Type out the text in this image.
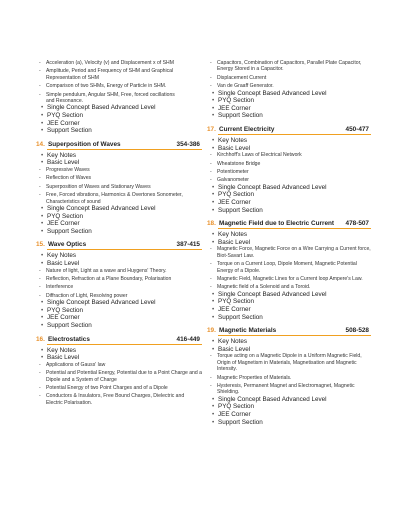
- Acceleration (a), Velocity (v) and Displacement x of SHM
- Amplitude, Period and Frequency of SHM and Graphical Representation of SHM
- Comparison of two SHMs, Energy of Particle in SHM.
- Simple pendulum, Angular SHM, Free, forced oscillations and Resonance.
• Single Concept Based Advanced Level
• PYQ Section
• JEE Corner
• Support Section
14. Superposition of Waves	354-386
• Key Notes
• Basic Level
- Progressive Waves
- Reflection of Waves
- Superposition of Waves and Stationary Waves
- Free, Forced vibrations, Harmonics & Overtones Sonometer, Characteristics of sound
• Single Concept Based Advanced Level
• PYQ Section
• JEE Corner
• Support Section
15. Wave Optics	387-415
• Key Notes
• Basic Level
- Nature of light, Light as a wave and Huygens' Theory.
- Reflection, Refraction at a Plane Boundary, Polarisation
- Interference
- Diffraction of Light, Resolving power
• Single Concept Based Advanced Level
• PYQ Section
• JEE Corner
• Support Section
16. Electrostatics	416-449
• Key Notes
• Basic Level
- Applications of Gauss' law
- Potential and Potential Energy, Potential due to a Point Charge and a Dipole and a System of Charge
- Potential Energy of two Point Charges and of a Dipole
- Conductors & Insulators, Free Bound Charges, Dielectric and Electric Polarisation.
- Capacitors, Combination of Capacitors, Parallel Plate Capacitor, Energy Stored in a Capacitor.
- Displacement Current
- Van de Graaff Generator.
• Single Concept Based Advanced Level
• PYQ Section
• JEE Corner
• Support Section
17. Current Electricity	450-477
• Key Notes
• Basic Level
- Kirchhoff's Laws of Electrical Network
- Wheatstone Bridge
- Potentiometer
- Galvanometer
• Single Concept Based Advanced Level
• PYQ Section
• JEE Corner
• Support Section
18. Magnetic Field due to Electric Current 478-507
• Key Notes
• Basic Level
- Magnetic Force, Magnetic Force on a Wire Carrying a Current force, Biot-Savart Law.
- Torque on a Current Loop, Dipole Moment, Magnetic Potential Energy of a Dipole.
- Magnetic Field, Magnetic Lines for a Current loop Ampere's Law.
- Magnetic field of a Solenoid and a Toroid.
• Single Concept Based Advanced Level
• PYQ Section
• JEE Corner
• Support Section
19. Magnetic Materials	508-528
• Key Notes
• Basic Level
- Torque acting on a Magnetic Dipole in a Uniform Magnetic Field, Origin of Magnetism in Materials, Magnetisation and Magnetic Intensity.
- Magnetic Properties of Materials.
- Hysteresis, Permanent Magnet and Electromagnet, Magnetic Shielding.
• Single Concept Based Advanced Level
• PYQ Section
• JEE Corner
• Support Section
